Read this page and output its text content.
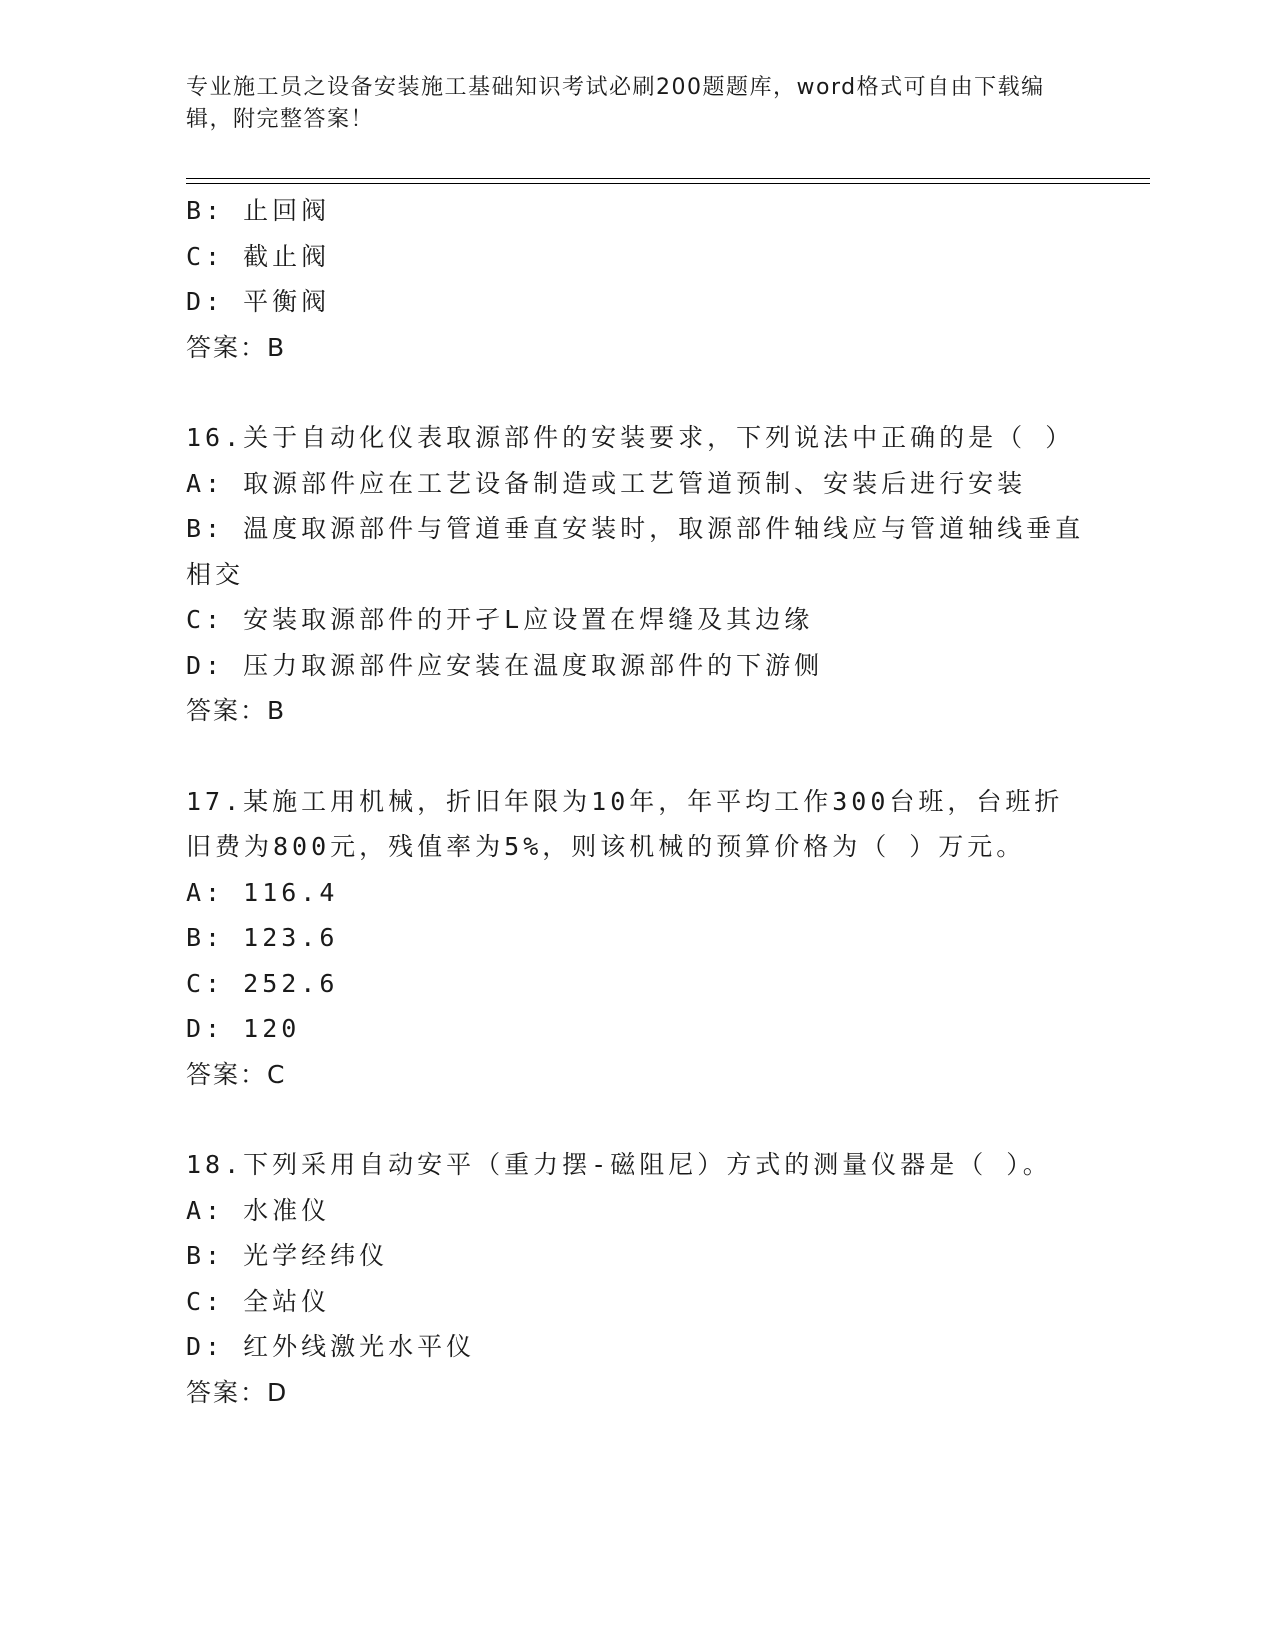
专业施工员之设备安装施工基础知识考试必刷200题题库，word格式可自由下载编辑，附完整答案！
B: 止回阀
C: 截止阀
D: 平衡阀
答案：B
16.关于自动化仪表取源部件的安装要求，下列说法中正确的是（ ）
A: 取源部件应在工艺设备制造或工艺管道预制、安装后进行安装
B: 温度取源部件与管道垂直安装时，取源部件轴线应与管道轴线垂直相交
C: 安装取源部件的开孑L应设置在焊缝及其边缘
D: 压力取源部件应安装在温度取源部件的下游侧
答案：B
17.某施工用机械，折旧年限为10年，年平均工作300台班，台班折旧费为800元，残值率为5%，则该机械的预算价格为（ ）万元。
A: 116.4
B: 123.6
C: 252.6
D: 120
答案：C
18.下列采用自动安平（重力摆-磁阻尼）方式的测量仪器是（ ）。
A: 水准仪
B: 光学经纬仪
C: 全站仪
D: 红外线激光水平仪
答案：D
